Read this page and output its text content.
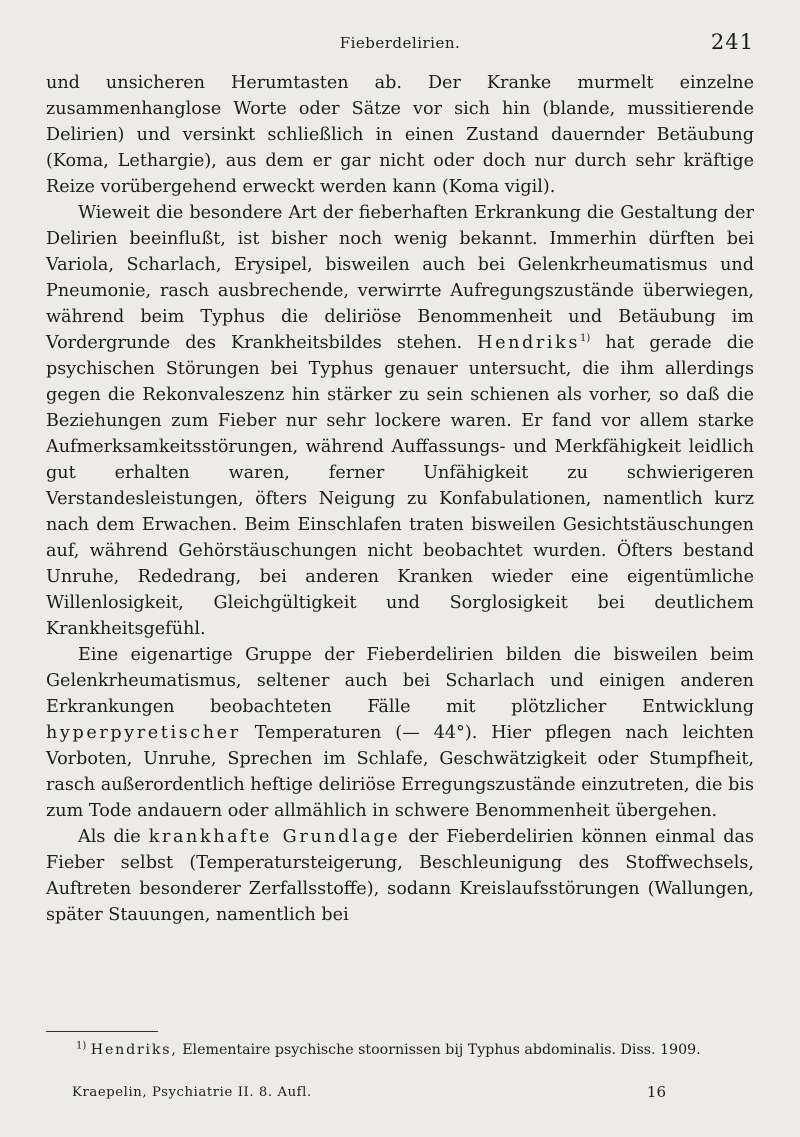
Fieberdelirien.	241

und unsicheren Herumtasten ab. Der Kranke murmelt einzelne zusammenhanglose Worte oder Sätze vor sich hin (blande, mussitierende Delirien) und versinkt schließlich in einen Zustand dauernder Betäubung (Koma, Lethargie), aus dem er gar nicht oder doch nur durch sehr kräftige Reize vorübergehend erweckt werden kann (Koma vigil).

Wieweit die besondere Art der fieberhaften Erkrankung die Gestaltung der Delirien beeinflußt, ist bisher noch wenig bekannt. Immerhin dürften bei Variola, Scharlach, Erysipel, bisweilen auch bei Gelenkrheumatismus und Pneumonie, rasch ausbrechende, verwirrte Aufregungszustände überwiegen, während beim Typhus die deliriöse Benommenheit und Betäubung im Vordergrunde des Krankheitsbildes stehen. Hendriks$^{1)}$ hat gerade die psychischen Störungen bei Typhus genauer untersucht, die ihm allerdings gegen die Rekonvaleszenz hin stärker zu sein schienen als vorher, so daß die Beziehungen zum Fieber nur sehr lockere waren. Er fand vor allem starke Aufmerksamkeitsstörungen, während Auffassungs- und Merkfähigkeit leidlich gut erhalten waren, ferner Unfähigkeit zu schwierigeren Verstandesleistungen, öfters Neigung zu Konfabulationen, namentlich kurz nach dem Erwachen. Beim Einschlafen traten bisweilen Gesichtstäuschungen auf, während Gehörstäuschungen nicht beobachtet wurden. Öfters bestand Unruhe, Rededrang, bei anderen Kranken wieder eine eigentümliche Willenlosigkeit, Gleichgültigkeit und Sorglosigkeit bei deutlichem Krankheitsgefühl.

Eine eigenartige Gruppe der Fieberdelirien bilden die bisweilen beim Gelenkrheumatismus, seltener auch bei Scharlach und einigen anderen Erkrankungen beobachteten Fälle mit plötzlicher Entwicklung hyperpyretischer Temperaturen (— 44°). Hier pflegen nach leichten Vorboten, Unruhe, Sprechen im Schlafe, Geschwätzigkeit oder Stumpfheit, rasch außerordentlich heftige deliriöse Erregungszustände einzutreten, die bis zum Tode andauern oder allmählich in schwere Benommenheit übergehen.

Als die krankhafte Grundlage der Fieberdelirien können einmal das Fieber selbst (Temperatursteigerung, Beschleunigung des Stoffwechsels, Auftreten besonderer Zerfallsstoffe), sodann Kreislaufsstörungen (Wallungen, später Stauungen, namentlich bei

$^{1)}$ Hendriks, Elementaire psychische stoornissen bij Typhus abdominalis. Diss. 1909.

Kraepelin, Psychiatrie II. 8. Aufl.	16
